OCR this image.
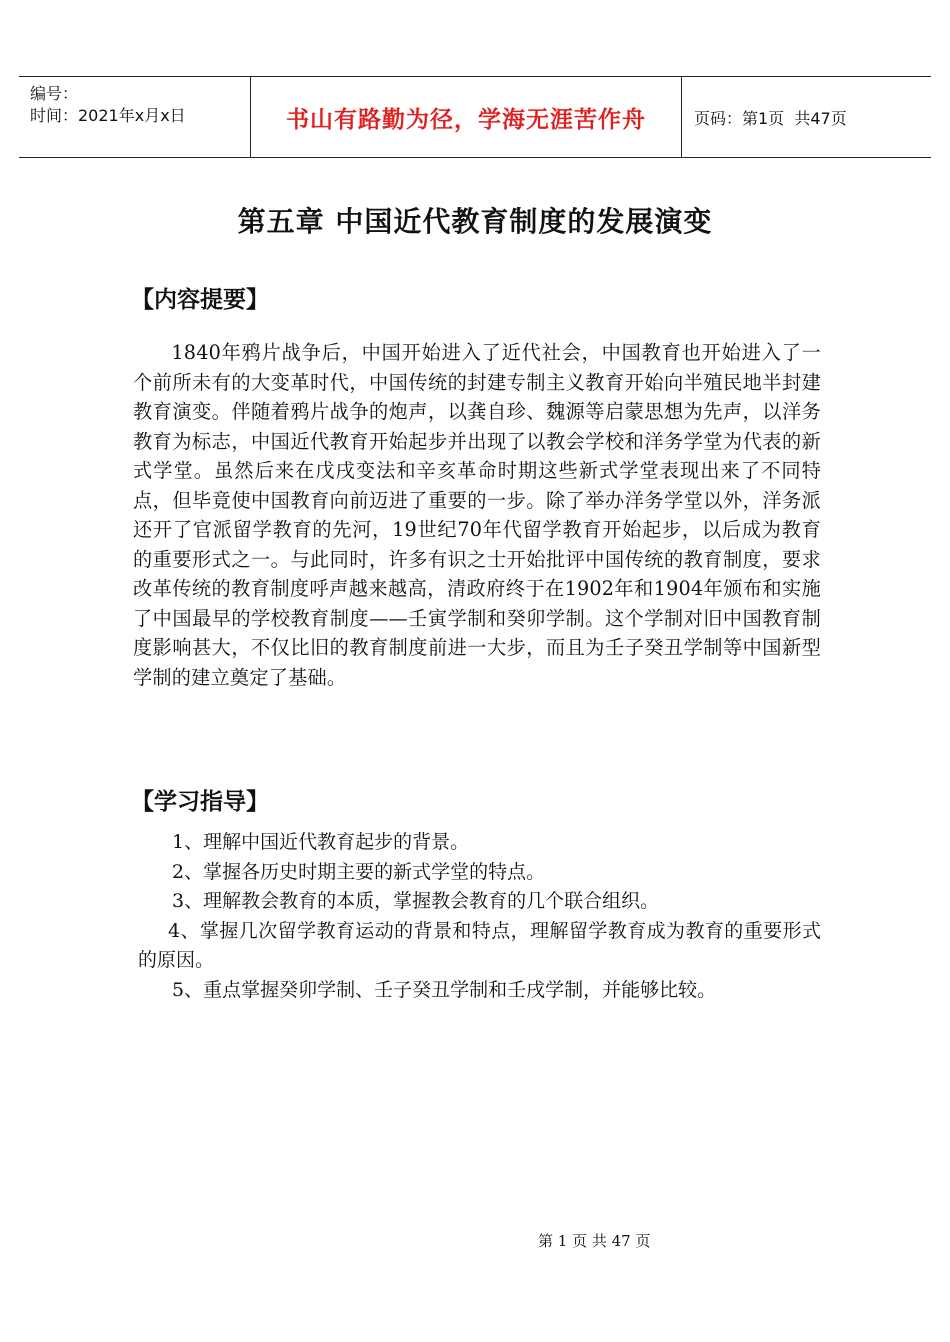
编号：
时间：2021年x月x日	书山有路勤为径，学海无涯苦作舟	页码：第1页  共47页
第五章 中国近代教育制度的发展演变
【内容提要】
1840年鸦片战争后，中国开始进入了近代社会，中国教育也开始进入了一个前所未有的大变革时代，中国传统的封建专制主义教育开始向半殖民地半封建教育演变。伴随着鸦片战争的炮声，以龚自珍、魏源等启蒙思想为先声，以洋务教育为标志，中国近代教育开始起步并出现了以教会学校和洋务学堂为代表的新式学堂。虽然后来在戊戌变法和辛亥革命时期这些新式学堂表现出来了不同特点，但毕竟使中国教育向前迈进了重要的一步。除了举办洋务学堂以外，洋务派还开了官派留学教育的先河，19世纪70年代留学教育开始起步，以后成为教育的重要形式之一。与此同时，许多有识之士开始批评中国传统的教育制度，要求改革传统的教育制度呼声越来越高，清政府终于在1902年和1904年颁布和实施了中国最早的学校教育制度——壬寅学制和癸卯学制。这个学制对旧中国教育制度影响甚大，不仅比旧的教育制度前进一大步，而且为壬子癸丑学制等中国新型学制的建立奠定了基础。
【学习指导】

1、理解中国近代教育起步的背景。

2、掌握各历史时期主要的新式学堂的特点。

3、理解教会教育的本质，掌握教会教育的几个联合组织。

4、掌握几次留学教育运动的背景和特点，理解留学教育成为教育的重要形式的原因。

5、重点掌握癸卯学制、壬子癸丑学制和壬戌学制，并能够比较。

第 1 页 共 47 页
